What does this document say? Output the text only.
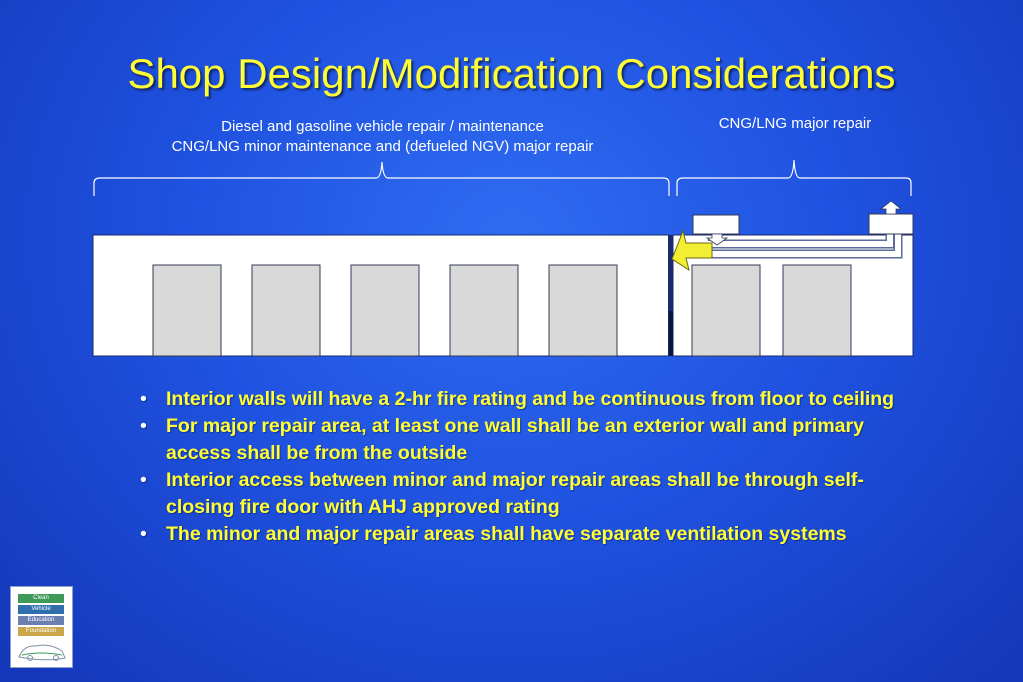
Shop Design/Modification Considerations
Diesel and gasoline vehicle repair / maintenance
CNG/LNG minor maintenance and (defueled NGV) major repair
CNG/LNG major repair
• Interior walls will have a 2-hr fire rating and be continuous from floor to ceiling
• For major repair area, at least one wall shall be an exterior wall and primary access shall be from the outside
• Interior access between minor and major repair areas shall be through self-closing fire door with AHJ approved rating
• The minor and major repair areas shall have separate ventilation systems
Clean
Vehicle
Education
Foundation
